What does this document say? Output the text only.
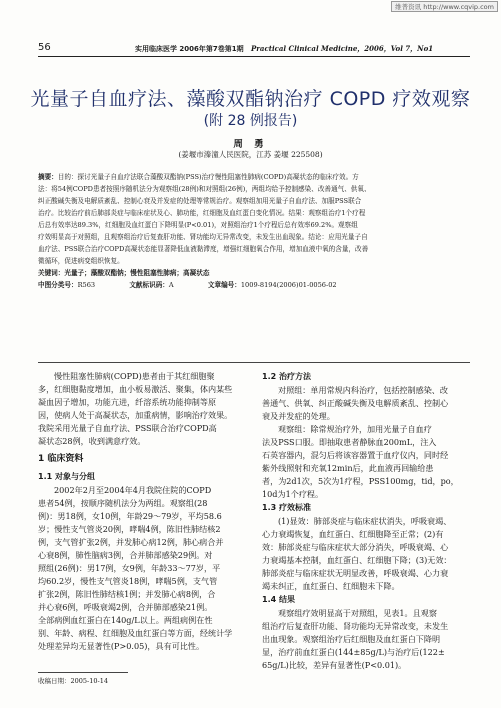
维普资讯 http://www.cqvip.com
56	实用临床医学 2006年第7卷第1期 Practical Clinical Medicine，2006，Vol 7，No1
光量子自血疗法、藻酸双酯钠治疗 COPD 疗效观察
(附 28 例报告)
周 勇
(姜堰市溱潼人民医院，江苏 姜堰 225508)
摘要：目的：探讨光量子自血疗法联合藻酸双酯钠(PSS)治疗慢性阻塞性肺病(COPD)高凝状态的临床疗效。方
法：将54例COPD患者按照序随机法分为观察组(28例)和对照组(26例)，两组均给予控制感染、改善通气、供氧、
纠正酸碱失衡及电解质紊乱、控制心衰及并发症的处理等常规治疗。观察组加用光量子自血疗法、加服PSS联合
治疗。比较治疗前后肺部炎症与临床症状及心、肺功能，红细胞及血红蛋白变化情况。结果：观察组治疗1个疗程
后总有效率达89.3%，红细胞及血红蛋白下降明显(P<0.01)，对照组治疗1个疗程后总有效率69.2%。观察组
疗效明显高于对照组，且观察组治疗后复查肝功能、肾功能均无异常改变，未发生出血现象。结论：应用光量子自
血疗法、PSS联合治疗COPD高凝状态能显著降低血液黏滞度，增强红细胞氧合作用，增加血液中氧的含量，改善
微循环，促进病变组织恢复。
关键词：光量子；藻酸双酯钠；慢性阻塞性肺病；高凝状态
中图分类号：R563	文献标识码：A	文章编号：1009-8194(2006)01-0056-02
慢性阻塞性肺病(COPD)患者由于其红细胞聚
多，红细胞黏度增加，血小板易激活、聚集，体内某些
凝血因子增加，功能亢进，纤溶系统功能抑制等原
因，使病人处于高凝状态，加重病情，影响治疗效果。
我院采用光量子自血疗法、PSS联合治疗COPD高
凝状态28例，收到满意疗效。
1 临床资料
1.1 对象与分组
2002年2月至2004年4月我院住院的COPD
患者54例，按顺序随机法分为两组。观察组(28
例)：男18例，女10例，年龄29～79岁，平均58.6
岁；慢性支气管炎20例，哮喘4例，陈旧性肺结核2
例，支气管扩张2例，并发肺心病12例，肺心病合并
心衰8例，肺性脑病3例，合并肺部感染29例。对
照组(26例)：男17例，女9例，年龄33～77岁，平
均60.2岁，慢性支气管炎18例，哮喘5例，支气管
扩张2例，陈旧性肺结核1例；并发肺心病8例，合
并心衰6例，呼吸衰竭2例，合并肺部感染21例。
全部病例血红蛋白在140g/L以上。两组病例在性
别、年龄、病程、红细胞及血红蛋白等方面，经统计学
处理差异均无显著性(P>0.05)，具有可比性。
1.2 治疗方法
对照组：单用常规内科治疗，包括控制感染、改
善通气、供氧、纠正酸碱失衡及电解质紊乱、控制心
衰及并发症的处理。
观察组：除常规治疗外，加用光量子自血疗
法及PSS口服。即抽取患者静脉血200mL，注入
石英容器内，混匀后将该容器置于血疗仪内，同时经
紫外线照射和充氧12min后，此血液再回输给患
者，为2d1次，5次为1疗程，PSS100mg，tid，po，
10d为1个疗程。
1.3 疗效标准
(1)显效：肺部炎症与临床症状消失，呼吸衰竭、
心力衰竭恢复，血红蛋白、红细胞降至正常；(2)有
效：肺部炎症与临床症状大部分消失，呼吸衰竭、心
力衰竭基本控制，血红蛋白、红细胞下降；(3)无效：
肺部炎症与临床症状无明显改善，呼吸衰竭、心力衰
竭未纠正，血红蛋白、红细胞未下降。
1.4 结果
观察组疗效明显高于对照组，见表1。且观察
组治疗后复查肝功能、肾功能均无异常改变，未发生
出血现象。观察组治疗后红细胞及血红蛋白下降明
显，治疗前血红蛋白(144±85g/L)与治疗后(122±
65g/L)比较，差异有显著性(P<0.01)。
收稿日期：2005-10-14
